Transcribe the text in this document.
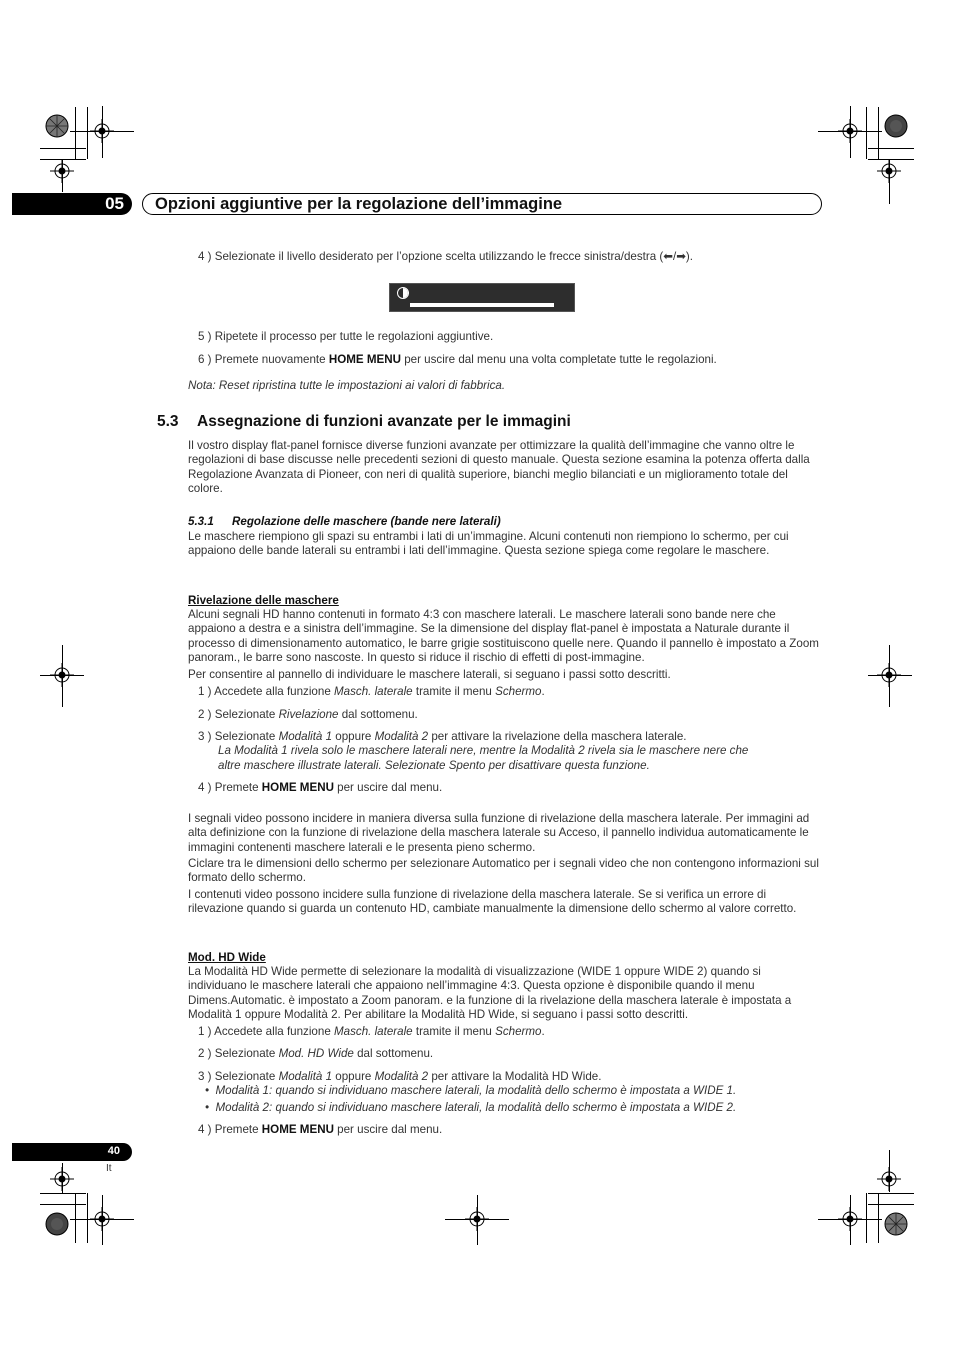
05 Opzioni aggiuntive per la regolazione dell’immagine
4 ) Selezionate il livello desiderato per l’opzione scelta utilizzando le frecce sinistra/destra (⬅/➡).
5 ) Ripetete il processo per tutte le regolazioni aggiuntive.
6 ) Premete nuovamente HOME MENU per uscire dal menu una volta completate tutte le regolazioni.
Nota: Reset ripristina tutte le impostazioni ai valori di fabbrica.
5.3 Assegnazione di funzioni avanzate per le immagini
Il vostro display flat-panel fornisce diverse funzioni avanzate per ottimizzare la qualità dell’immagine che vanno oltre le regolazioni di base discusse nelle precedenti sezioni di questo manuale. Questa sezione esamina la potenza offerta dalla Regolazione Avanzata di Pioneer, con neri di qualità superiore, bianchi meglio bilanciati e un miglioramento totale del colore.
5.3.1 Regolazione delle maschere (bande nere laterali)
Le maschere riempiono gli spazi su entrambi i lati di un’immagine. Alcuni contenuti non riempiono lo schermo, per cui appaiono delle bande laterali su entrambi i lati dell’immagine. Questa sezione spiega come regolare le maschere.
Rivelazione delle maschere
Alcuni segnali HD hanno contenuti in formato 4:3 con maschere laterali. Le maschere laterali sono bande nere che appaiono a destra e a sinistra dell’immagine. Se la dimensione del display flat-panel è impostata a Naturale durante il processo di dimensionamento automatico, le barre grigie sostituiscono quelle nere. Quando il pannello è impostato a Zoom panoram., le barre sono nascoste. In questo si riduce il rischio di effetti di post-immagine.
Per consentire al pannello di individuare le maschere laterali, si seguano i passi sotto descritti.
1 ) Accedete alla funzione Masch. laterale tramite il menu Schermo.
2 ) Selezionate Rivelazione dal sottomenu.
3 ) Selezionate Modalità 1 oppure Modalità 2 per attivare la rivelazione della maschera laterale.
La Modalità 1 rivela solo le maschere laterali nere, mentre la Modalità 2 rivela sia le maschere nere che
altre maschere illustrate laterali. Selezionate Spento per disattivare questa funzione.
4 ) Premete HOME MENU per uscire dal menu.
I segnali video possono incidere in maniera diversa sulla funzione di rivelazione della maschera laterale. Per immagini ad alta definizione con la funzione di rivelazione della maschera laterale su Acceso, il pannello individua automaticamente le immagini contenenti maschere laterali e le presenta pieno schermo.
Ciclare tra le dimensioni dello schermo per selezionare Automatico per i segnali video che non contengono informazioni sul formato dello schermo.
I contenuti video possono incidere sulla funzione di rivelazione della maschera laterale. Se si verifica un errore di rilevazione quando si guarda un contenuto HD, cambiate manualmente la dimensione dello schermo al valore corretto.
Mod. HD Wide
La Modalità HD Wide permette di selezionare la modalità di visualizzazione (WIDE 1 oppure WIDE 2) quando si individuano le maschere laterali che appaiono nell’immagine 4:3. Questa opzione è disponibile quando il menu Dimens.Automatic. è impostato a Zoom panoram. e la funzione di la rivelazione della maschera laterale è impostata a Modalità 1 oppure Modalità 2. Per abilitare la Modalità HD Wide, si seguano i passi sotto descritti.
1 ) Accedete alla funzione Masch. laterale tramite il menu Schermo.
2 ) Selezionate Mod. HD Wide dal sottomenu.
3 ) Selezionate Modalità 1 oppure Modalità 2 per attivare la Modalità HD Wide.
• Modalità 1: quando si individuano maschere laterali, la modalità dello schermo è impostata a WIDE 1.
• Modalità 2: quando si individuano maschere laterali, la modalità dello schermo è impostata a WIDE 2.
4 ) Premete HOME MENU per uscire dal menu.
40
It
